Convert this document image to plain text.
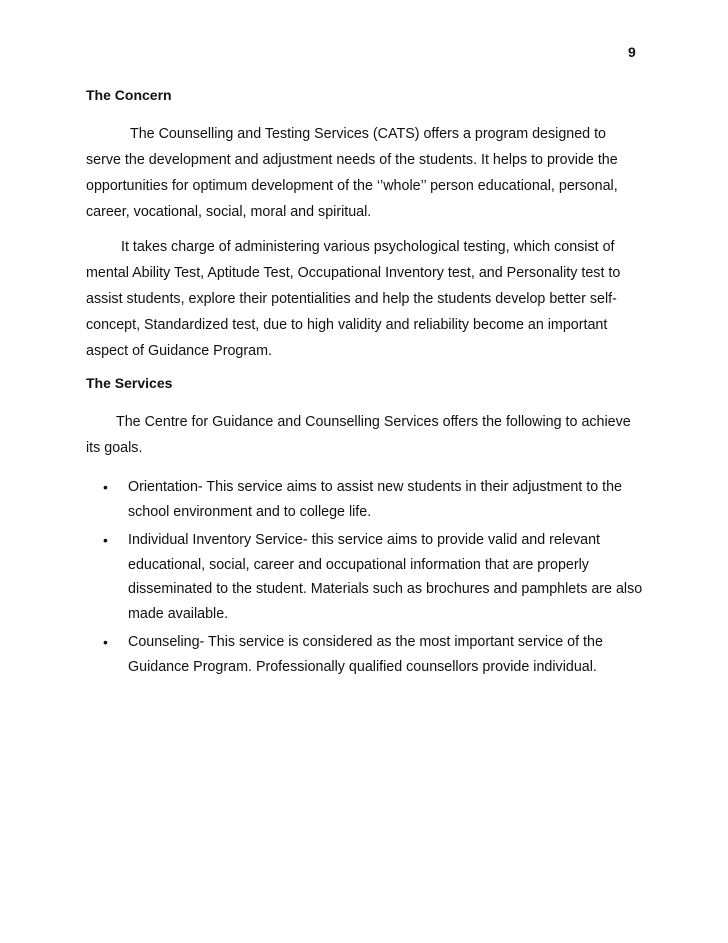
9
The Concern

The Counselling and Testing Services (CATS) offers a program designed to
serve the development and adjustment needs of the students. It helps to provide the
opportunities for optimum development of the ‘’whole’’ person educational, personal,
career, vocational, social, moral and spiritual.

It takes charge of administering various psychological testing, which consist of
mental Ability Test, Aptitude Test, Occupational Inventory test, and Personality test to
assist students, explore their potentialities and help the students develop better self-
concept, Standardized test, due to high validity and reliability become an important
aspect of Guidance Program.

The Services

The Centre for Guidance and Counselling Services offers the following to achieve
its goals.

• Orientation- This service aims to assist new students in their adjustment to the
school environment and to college life.
• Individual Inventory Service- this service aims to provide valid and relevant
educational, social, career and occupational information that are properly
disseminated to the student. Materials such as brochures and pamphlets are also
made available.
• Counseling- This service is considered as the most important service of the
Guidance Program. Professionally qualified counsellors provide individual.
